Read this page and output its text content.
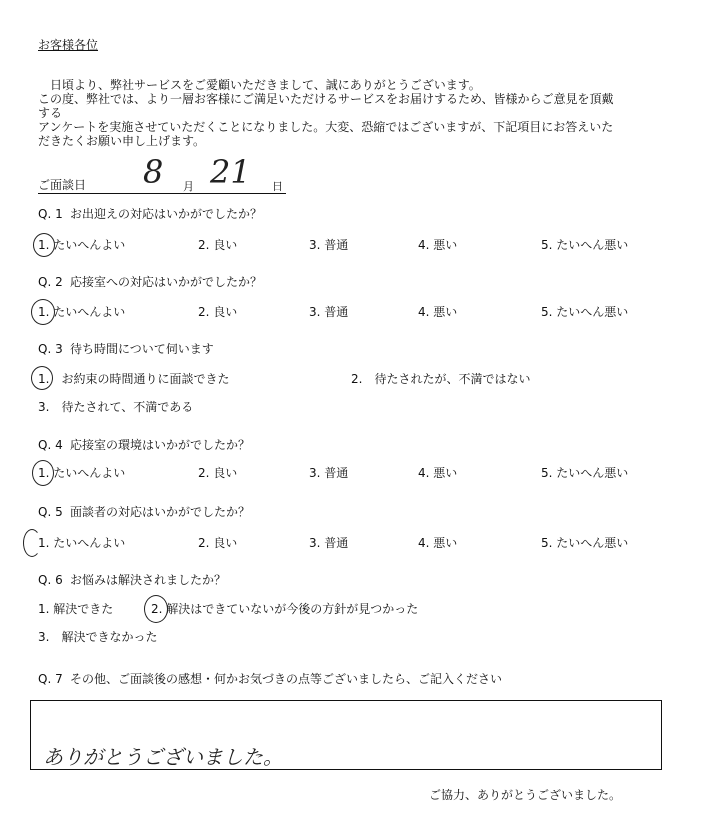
お客様各位
　日頃より、弊社サービスをご愛顧いただきまして、誠にありがとうございます。
この度、弊社では、より一層お客様にご満足いただけるサービスをお届けするため、皆様からご意見を頂戴
する
アンケートを実施させていただくことになりました。大変、恐縮ではございますが、下記項目にお答えいた
だきたくお願い申し上げます。
ご面談日 8 月 21 日
Q. 1 お出迎えの対応はいかがでしたか？
1. たいへんよい	2. 良い	3. 普通	4. 悪い	5. たいへん悪い
Q. 2 応接室への対応はいかがでしたか？
1. たいへんよい	2. 良い	3. 普通	4. 悪い	5. たいへん悪い
Q. 3 待ち時間について伺います
1.　お約束の時間通りに面談できた	2.　待たされたが、不満ではない
3.　待たされて、不満である
Q. 4 応接室の環境はいかがでしたか？
1. たいへんよい	2. 良い	3. 普通	4. 悪い	5. たいへん悪い
Q. 5 面談者の対応はいかがでしたか？
1. たいへんよい	2. 良い	3. 普通	4. 悪い	5. たいへん悪い
Q. 6 お悩みは解決されましたか？
1. 解決できた	2. 解決はできていないが今後の方針が見つかった
3.　解決できなかった
Q. 7 その他、ご面談後の感想・何かお気づきの点等ございましたら、ご記入ください
ありがとうございました。
ご協力、ありがとうございました。
